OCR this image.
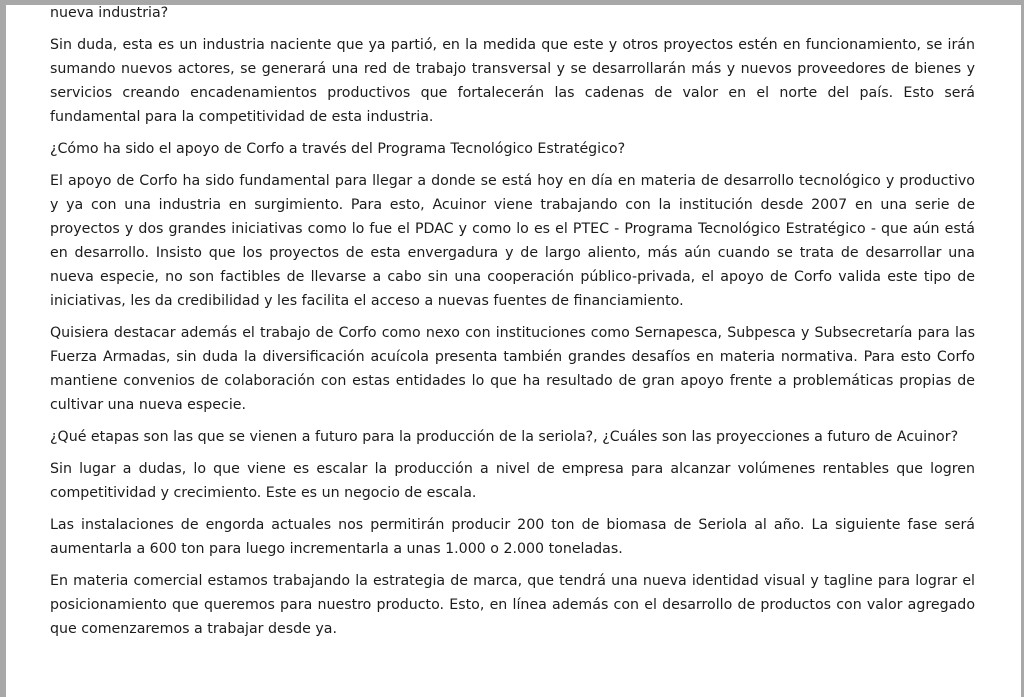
nueva industria?

Sin duda, esta es un industria naciente que ya partió, en la medida que este y otros proyectos estén en funcionamiento, se irán sumando nuevos actores, se generará una red de trabajo transversal y se desarrollarán más y nuevos proveedores de bienes y servicios creando encadenamientos productivos que fortalecerán las cadenas de valor en el norte del país. Esto será fundamental para la competitividad de esta industria.

¿Cómo ha sido el apoyo de Corfo a través del Programa Tecnológico Estratégico?

El apoyo de Corfo ha sido fundamental para llegar a donde se está hoy en día en materia de desarrollo tecnológico y productivo y ya con una industria en surgimiento. Para esto, Acuinor viene trabajando con la institución desde 2007 en una serie de proyectos y dos grandes iniciativas como lo fue el PDAC y como lo es el PTEC - Programa Tecnológico Estratégico - que aún está en desarrollo. Insisto que los proyectos de esta envergadura y de largo aliento, más aún cuando se trata de desarrollar una nueva especie, no son factibles de llevarse a cabo sin una cooperación público-privada, el apoyo de Corfo valida este tipo de iniciativas, les da credibilidad y les facilita el acceso a nuevas fuentes de financiamiento.

Quisiera destacar además el trabajo de Corfo como nexo con instituciones como Sernapesca, Subpesca y Subsecretaría para las Fuerza Armadas, sin duda la diversificación acuícola presenta también grandes desafíos en materia normativa. Para esto Corfo mantiene convenios de colaboración con estas entidades lo que ha resultado de gran apoyo frente a problemáticas propias de cultivar una nueva especie.

¿Qué etapas son las que se vienen a futuro para la producción de la seriola?, ¿Cuáles son las proyecciones a futuro de Acuinor?

Sin lugar a dudas, lo que viene es escalar la producción a nivel de empresa para alcanzar volúmenes rentables que logren competitividad y crecimiento. Este es un negocio de escala.

Las instalaciones de engorda actuales nos permitirán producir 200 ton de biomasa de Seriola al año. La siguiente fase será aumentarla a 600 ton para luego incrementarla a unas 1.000 o 2.000 toneladas.

En materia comercial estamos trabajando la estrategia de marca, que tendrá una nueva identidad visual y tagline para lograr el posicionamiento que queremos para nuestro producto. Esto, en línea además con el desarrollo de productos con valor agregado que comenzaremos a trabajar desde ya.
